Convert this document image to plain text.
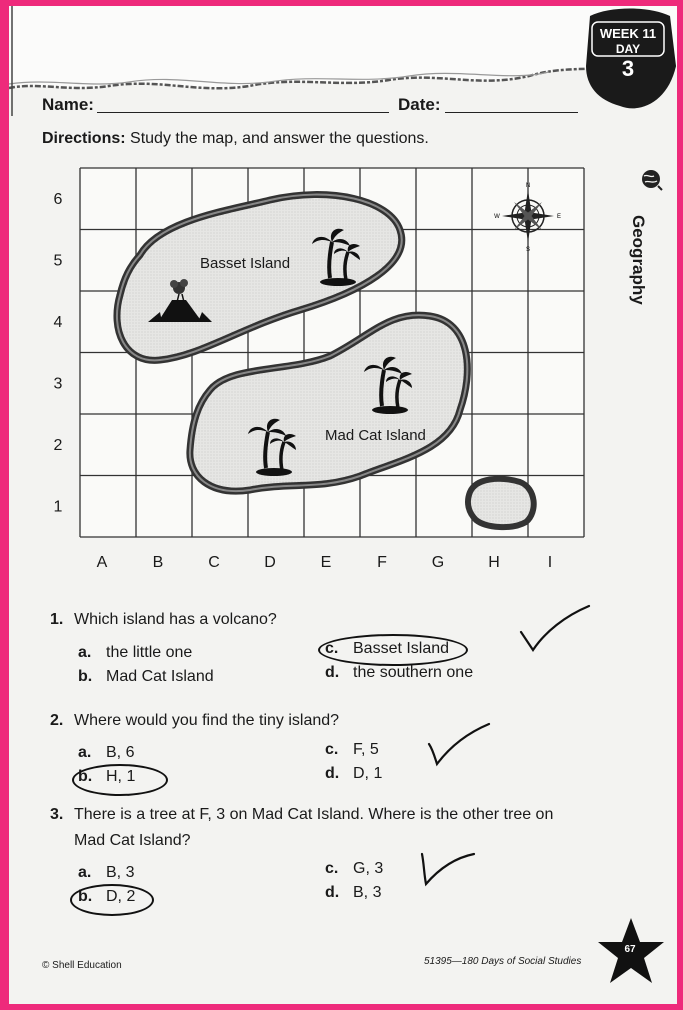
WEEK 11
DAY
3
Name:	Date:
Directions: Study the map, and answer the questions.
Geography
N
S
E
W
Basset Island
Mad Cat Island
6
5
4
3
2
1
A	B	C	D	E	F	G	H	I
1. Which island has a volcano?
a. the little one
b. Mad Cat Island
c. Basset Island
d. the southern one
2. Where would you find the tiny island?
a. B, 6
b. H, 1
c. F, 5
d. D, 1
3. There is a tree at F, 3 on Mad Cat Island. Where is the other tree on
Mad Cat Island?
a. B, 3
b. D, 2
c. G, 3
d. B, 3
© Shell Education	51395—180 Days of Social Studies
67
